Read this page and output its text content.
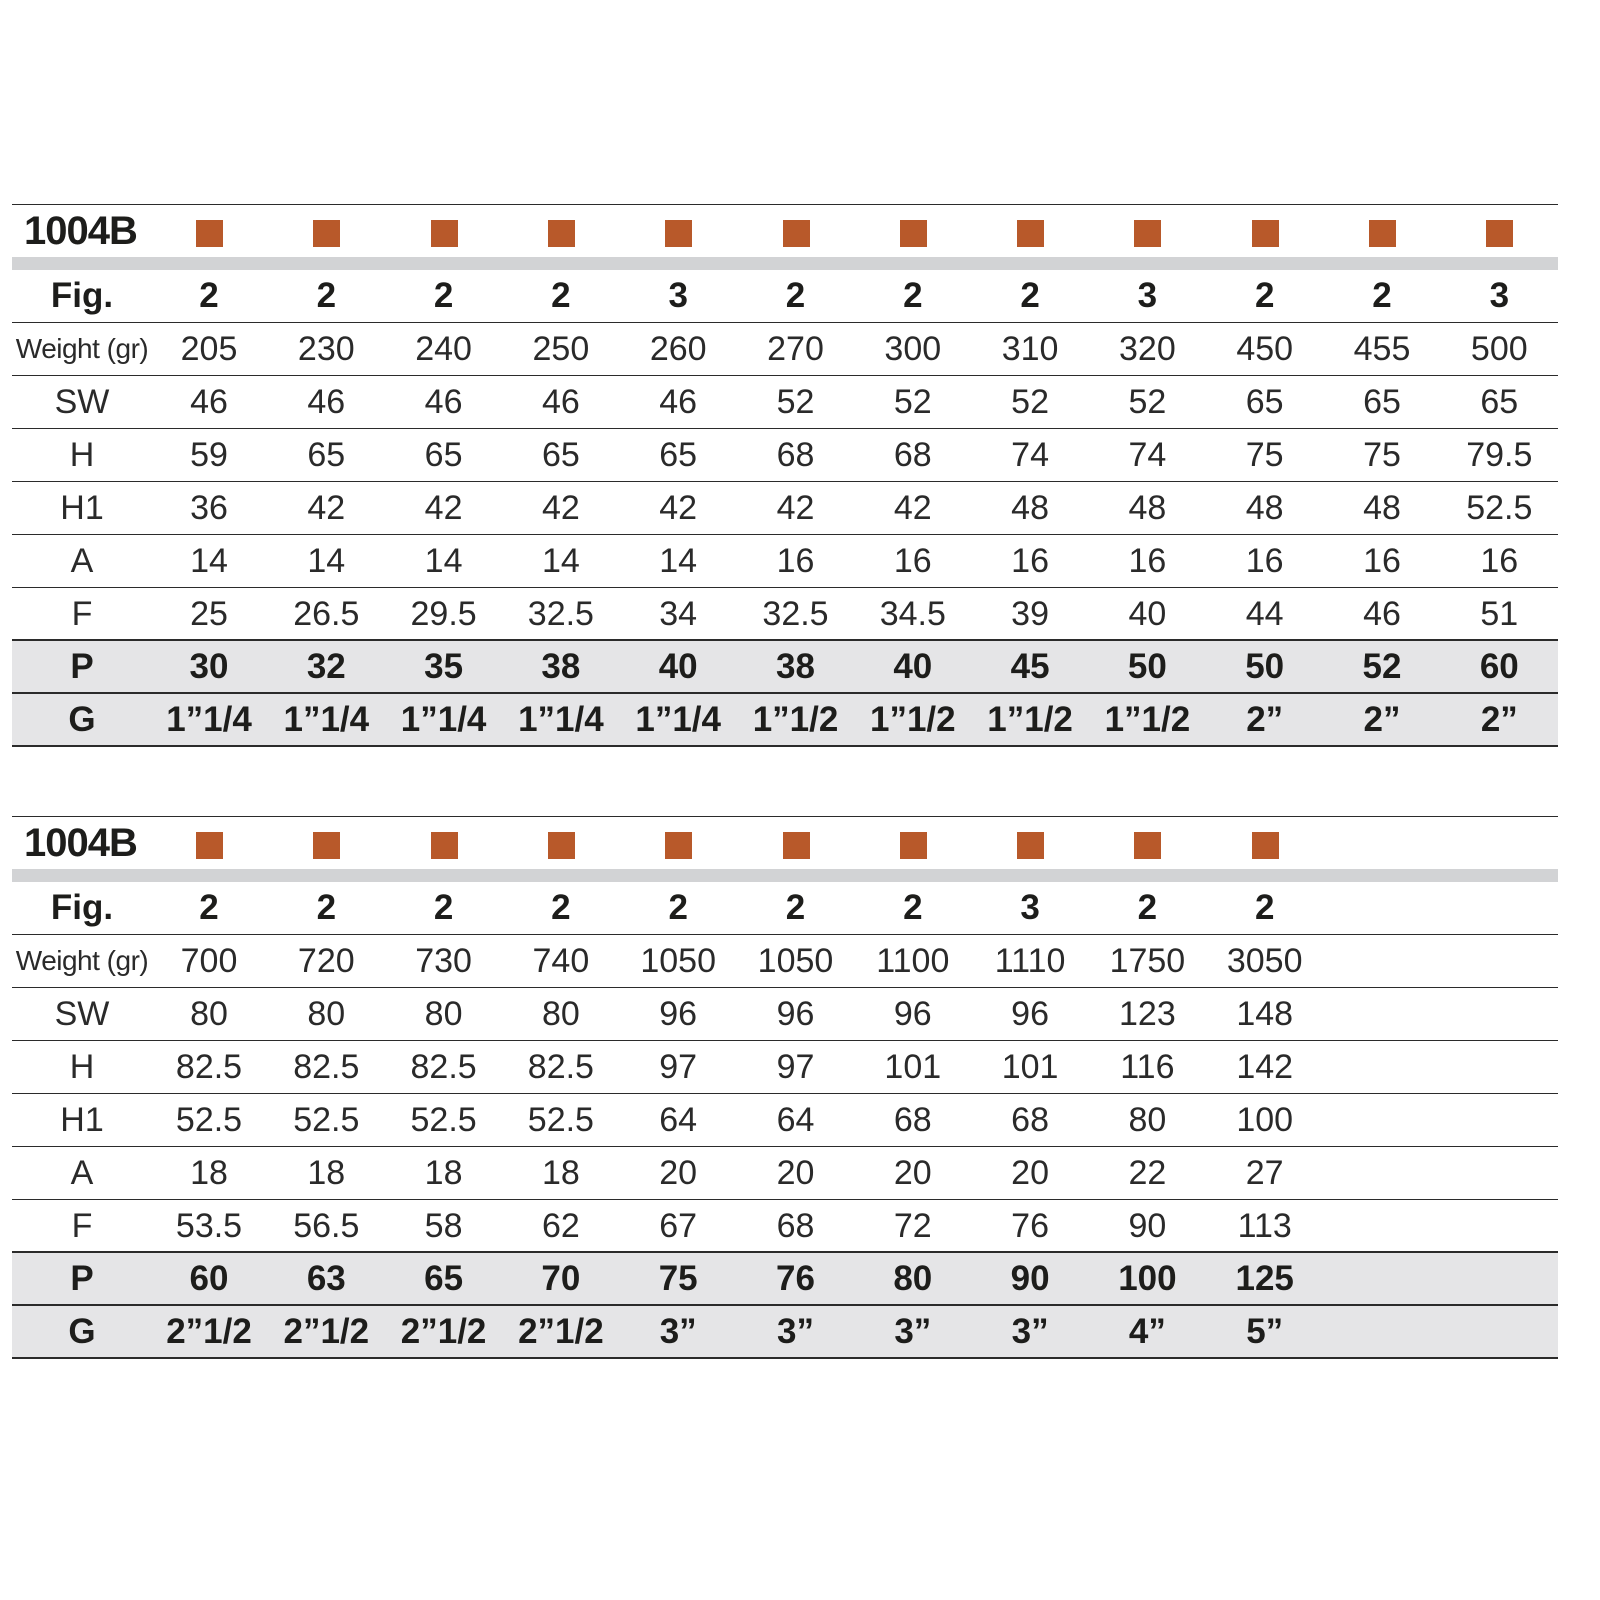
1004B
Fig.	2	2	2	2	3	2	2	2	3	2	2	3
Weight (gr) 205	230	240	250	260	270	300	310	320	450	455	500
SW	46	46	46	46	46	52	52	52	52	65	65	65
H	59	65	65	65	65	68	68	74	74	75	75	79.5
H1	36	42	42	42	42	42	42	48	48	48	48	52.5
A	14	14	14	14	14	16	16	16	16	16	16	16
F	25	26.5	29.5	32.5	34	32.5	34.5	39	40	44	46	51
P	30	32	35	38	40	38	40	45	50	50	52	60
G	1”1/4 1”1/4 1”1/4 1”1/4 1”1/4 1”1/2 1”1/2 1”1/2 1”1/2	2”	2”	2”
1004B
Fig.	2	2	2	2	2	2	2	3	2	2
Weight (gr) 700	720	730	740	1050	1050	1100	1110	1750	3050
SW	80	80	80	80	96	96	96	96	123	148
H	82.5	82.5	82.5	82.5	97	97	101	101	116	142
H1	52.5	52.5	52.5	52.5	64	64	68	68	80	100
A	18	18	18	18	20	20	20	20	22	27
F	53.5	56.5	58	62	67	68	72	76	90	113
P	60	63	65	70	75	76	80	90	100	125
G	2”1/2 2”1/2 2”1/2 2”1/2	3”	3”	3”	3”	4”	5”
